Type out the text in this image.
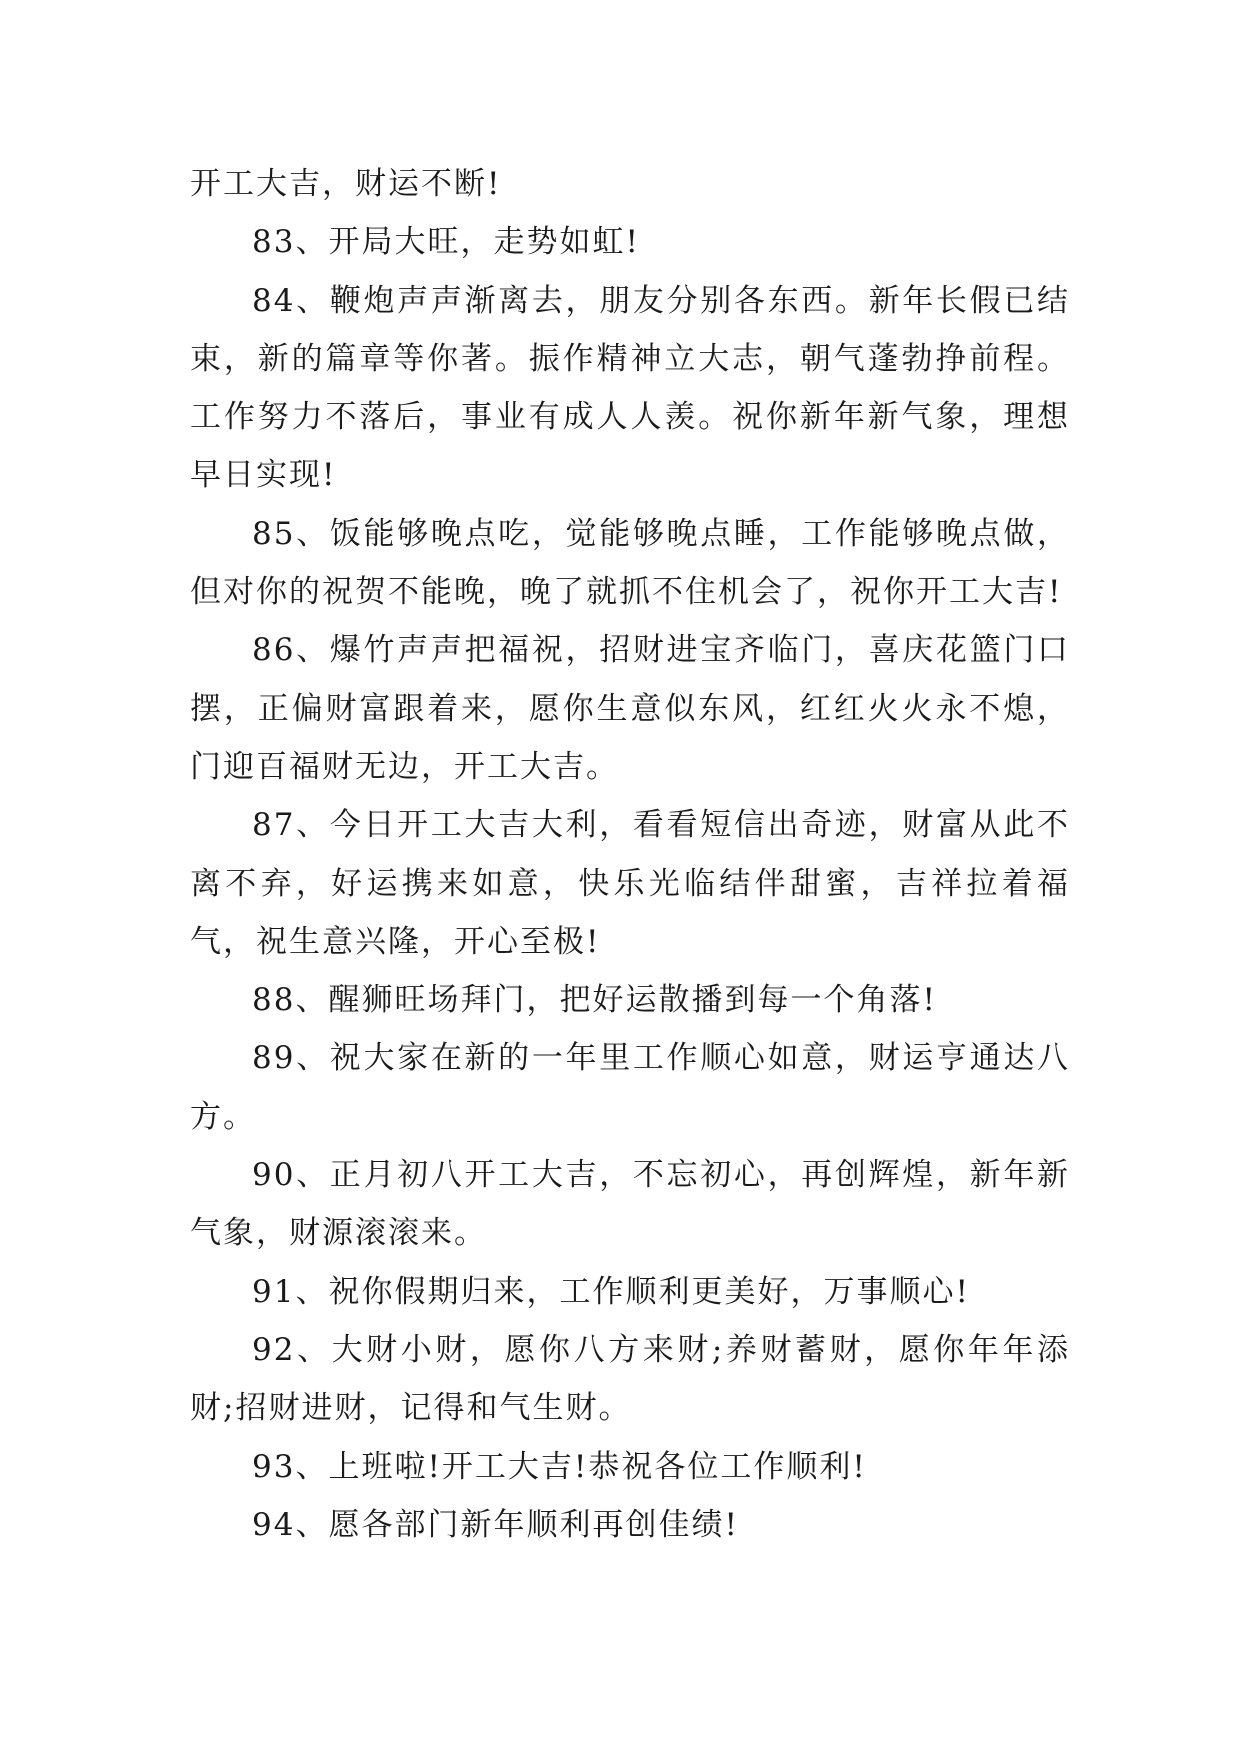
开工大吉，财运不断!

83、开局大旺，走势如虹!

84、鞭炮声声渐离去，朋友分别各东西。新年长假已结束，新的篇章等你著。振作精神立大志，朝气蓬勃挣前程。工作努力不落后，事业有成人人羡。祝你新年新气象，理想早日实现!

85、饭能够晚点吃，觉能够晚点睡，工作能够晚点做，但对你的祝贺不能晚，晚了就抓不住机会了，祝你开工大吉!

86、爆竹声声把福祝，招财进宝齐临门，喜庆花篮门口摆，正偏财富跟着来，愿你生意似东风，红红火火永不熄，门迎百福财无边，开工大吉。

87、今日开工大吉大利，看看短信出奇迹，财富从此不离不弃，好运携来如意，快乐光临结伴甜蜜，吉祥拉着福气，祝生意兴隆，开心至极!

88、醒狮旺场拜门，把好运散播到每一个角落!

89、祝大家在新的一年里工作顺心如意，财运亨通达八方。

90、正月初八开工大吉，不忘初心，再创辉煌，新年新气象，财源滚滚来。

91、祝你假期归来，工作顺利更美好，万事顺心!

92、大财小财，愿你八方来财;养财蓄财，愿你年年添财;招财进财，记得和气生财。

93、上班啦!开工大吉!恭祝各位工作顺利!

94、愿各部门新年顺利再创佳绩!
